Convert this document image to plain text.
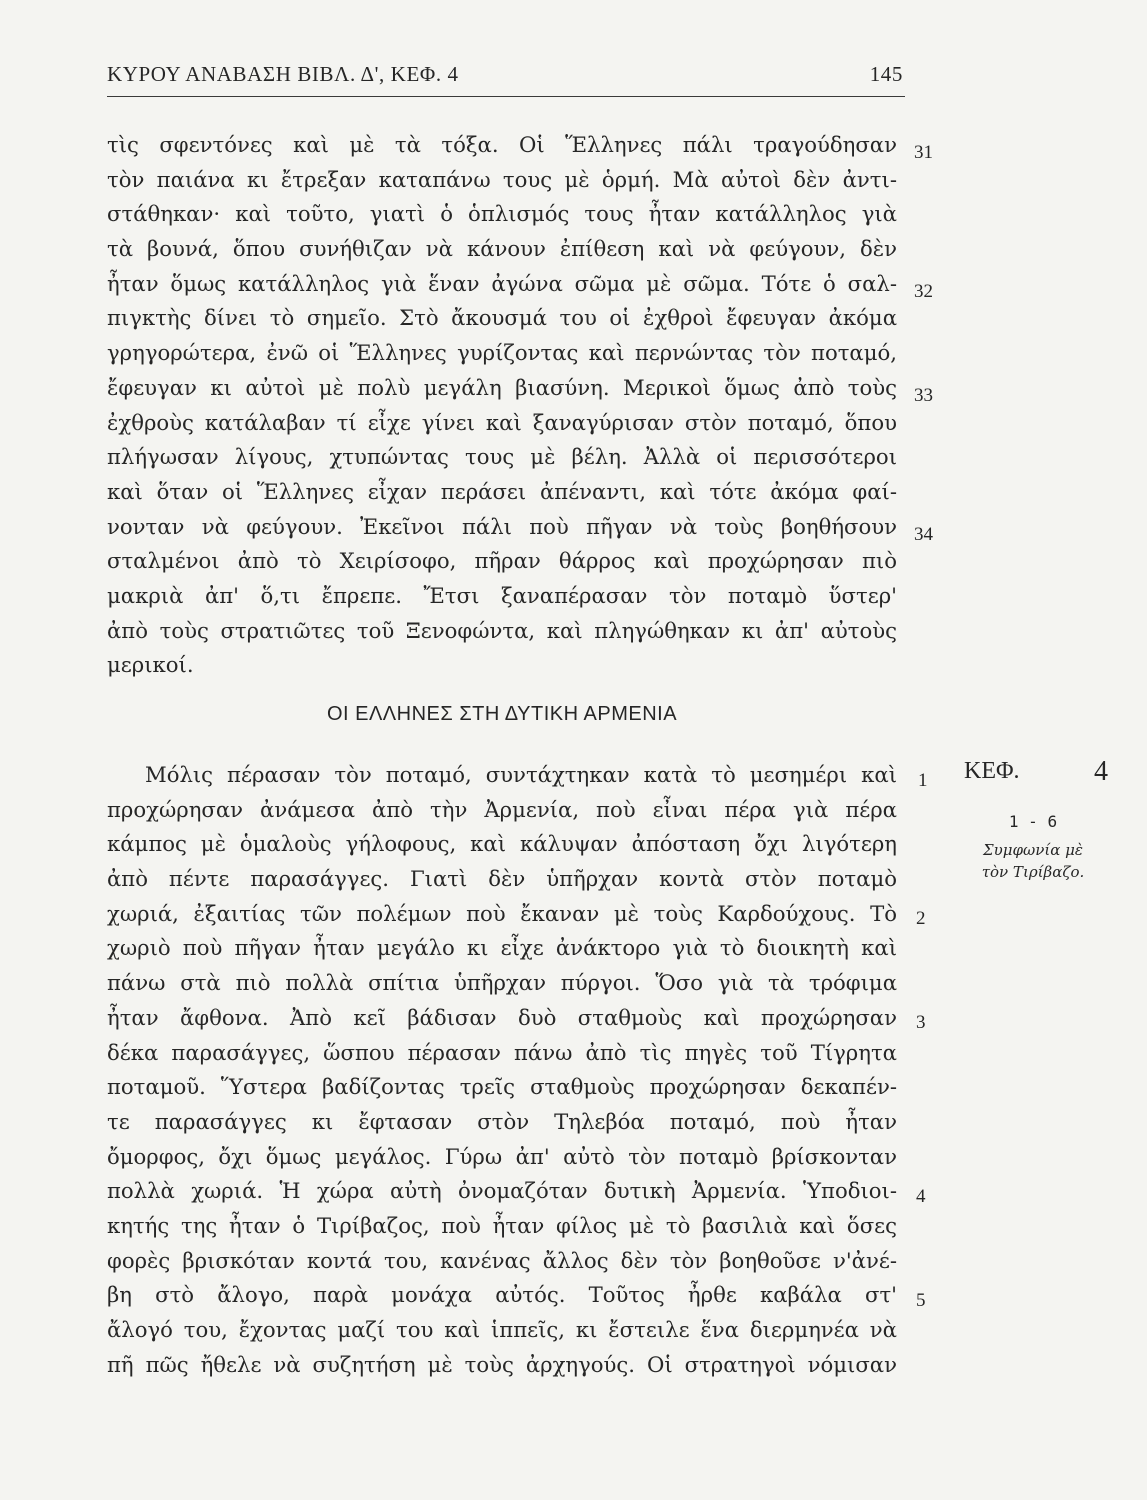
ΚΥΡΟΥ ΑΝΑΒΑΣΗ ΒΙΒΛ. Δ', ΚΕΦ. 4	145
τὶς σφεντόνες καὶ μὲ τὰ τόξα. Οἱ Ἕλληνες πάλι τραγούδησαν
τὸν παιάνα κι ἔτρεξαν καταπάνω τους μὲ ὁρμή. Μὰ αὐτοὶ δὲν ἀντι-
στάθηκαν· καὶ τοῦτο, γιατὶ ὁ ὁπλισμός τους ἦταν κατάλληλος γιὰ
τὰ βουνά, ὅπου συνήθιζαν νὰ κάνουν ἐπίθεση καὶ νὰ φεύγουν, δὲν
ἦταν ὅμως κατάλληλος γιὰ ἕναν ἀγώνα σῶμα μὲ σῶμα. Τότε ὁ σαλ-
πιγκτὴς δίνει τὸ σημεῖο. Στὸ ἄκουσμά του οἱ ἐχθροὶ ἔφευγαν ἀκόμα
γρηγορώτερα, ἐνῶ οἱ Ἕλληνες γυρίζοντας καὶ περνώντας τὸν ποταμό,
ἔφευγαν κι αὐτοὶ μὲ πολὺ μεγάλη βιασύνη. Μερικοὶ ὅμως ἀπὸ τοὺς
ἐχθροὺς κατάλαβαν τί εἶχε γίνει καὶ ξαναγύρισαν στὸν ποταμό, ὅπου
πλήγωσαν λίγους, χτυπώντας τους μὲ βέλη. Ἀλλὰ οἱ περισσότεροι
καὶ ὅταν οἱ Ἕλληνες εἶχαν περάσει ἀπέναντι, καὶ τότε ἀκόμα φαί-
νονταν νὰ φεύγουν. Ἐκεῖνοι πάλι ποὺ πῆγαν νὰ τοὺς βοηθήσουν
σταλμένοι ἀπὸ τὸ Χειρίσοφο, πῆραν θάρρος καὶ προχώρησαν πιὸ
μακριὰ ἀπ' ὅ,τι ἔπρεπε. Ἔτσι ξαναπέρασαν τὸν ποταμὸ ὕστερ'
ἀπὸ τοὺς στρατιῶτες τοῦ Ξενοφώντα, καὶ πληγώθηκαν κι ἀπ' αὐτοὺς
μερικοί.
31
32
33
34
ΟΙ ΕΛΛΗΝΕΣ ΣΤΗ ΔΥΤΙΚΗ ΑΡΜΕΝΙΑ
Μόλις πέρασαν τὸν ποταμό, συντάχτηκαν κατὰ τὸ μεσημέρι καὶ
προχώρησαν ἀνάμεσα ἀπὸ τὴν Ἀρμενία, ποὺ εἶναι πέρα γιὰ πέρα
κάμπος μὲ ὁμαλοὺς γήλοφους, καὶ κάλυψαν ἀπόσταση ὄχι λιγότερη
ἀπὸ πέντε παρασάγγες. Γιατὶ δὲν ὑπῆρχαν κοντὰ στὸν ποταμὸ
χωριά, ἐξαιτίας τῶν πολέμων ποὺ ἔκαναν μὲ τοὺς Καρδούχους. Τὸ
χωριὸ ποὺ πῆγαν ἦταν μεγάλο κι εἶχε ἀνάκτορο γιὰ τὸ διοικητὴ καὶ
πάνω στὰ πιὸ πολλὰ σπίτια ὑπῆρχαν πύργοι. Ὅσο γιὰ τὰ τρόφιμα
ἦταν ἄφθονα. Ἀπὸ κεῖ βάδισαν δυὸ σταθμοὺς καὶ προχώρησαν
δέκα παρασάγγες, ὥσπου πέρασαν πάνω ἀπὸ τὶς πηγὲς τοῦ Τίγρητα
ποταμοῦ. Ὕστερα βαδίζοντας τρεῖς σταθμοὺς προχώρησαν δεκαπέν-
τε παρασάγγες κι ἔφτασαν στὸν Τηλεβόα ποταμό, ποὺ ἦταν
ὄμορφος, ὄχι ὅμως μεγάλος. Γύρω ἀπ' αὐτὸ τὸν ποταμὸ βρίσκονταν
πολλὰ χωριά. Ἡ χώρα αὐτὴ ὀνομαζόταν δυτικὴ Ἀρμενία. Ὑποδιοι-
κητής της ἦταν ὁ Τιρίβαζος, ποὺ ἦταν φίλος μὲ τὸ βασιλιὰ καὶ ὅσες
φορὲς βρισκόταν κοντά του, κανένας ἄλλος δὲν τὸν βοηθοῦσε ν'ἀνέ-
βη στὸ ἄλογο, παρὰ μονάχα αὐτός. Τοῦτος ἦρθε καβάλα στ'
ἄλογό του, ἔχοντας μαζί του καὶ ἱππεῖς, κι ἔστειλε ἕνα διερμηνέα νὰ
πῆ πῶς ἤθελε νὰ συζητήση μὲ τοὺς ἀρχηγούς. Οἱ στρατηγοὶ νόμισαν
1
2
3
4
5
ΚΕΦ.	4
1 - 6
Συμφωνία μὲ
τὸν Τιρίβαζο.
